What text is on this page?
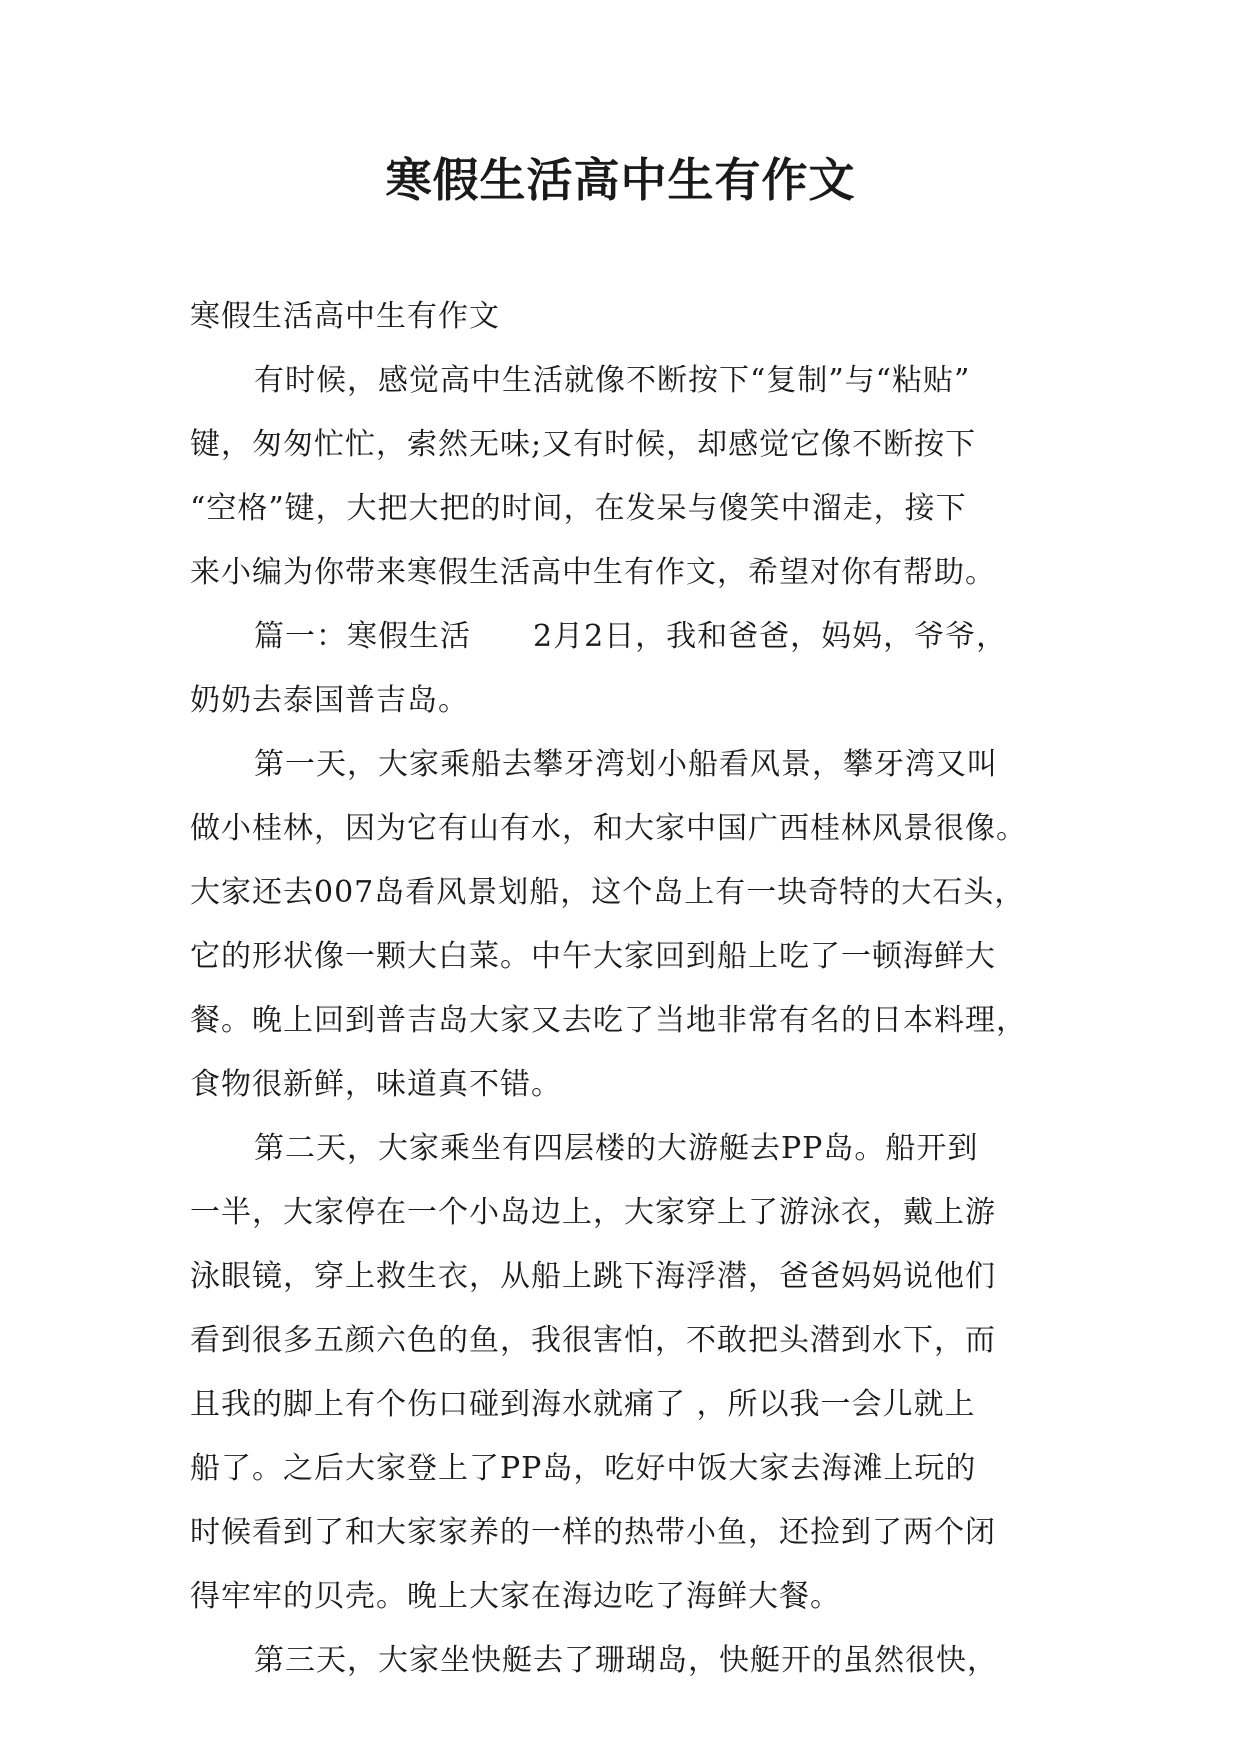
寒假生活高中生有作文

寒假生活高中生有作文

有时候，感觉高中生活就像不断按下“复制”与“粘贴”

键，匆匆忙忙，索然无味;又有时候，却感觉它像不断按下

“空格”键，大把大把的时间，在发呆与傻笑中溜走，接下

来小编为你带来寒假生活高中生有作文，希望对你有帮助。

篇一：寒假生活　　2月2日，我和爸爸，妈妈，爷爷，

奶奶去泰国普吉岛。

第一天，大家乘船去攀牙湾划小船看风景，攀牙湾又叫

做小桂林，因为它有山有水，和大家中国广西桂林风景很像。

大家还去007岛看风景划船，这个岛上有一块奇特的大石头，

它的形状像一颗大白菜。中午大家回到船上吃了一顿海鲜大

餐。晚上回到普吉岛大家又去吃了当地非常有名的日本料理，

食物很新鲜，味道真不错。

第二天，大家乘坐有四层楼的大游艇去PP岛。船开到

一半，大家停在一个小岛边上，大家穿上了游泳衣，戴上游

泳眼镜，穿上救生衣，从船上跳下海浮潜，爸爸妈妈说他们

看到很多五颜六色的鱼，我很害怕，不敢把头潜到水下，而

且我的脚上有个伤口碰到海水就痛了 ，所以我一会儿就上

船了。之后大家登上了PP岛，吃好中饭大家去海滩上玩的

时候看到了和大家家养的一样的热带小鱼，还捡到了两个闭

得牢牢的贝壳。晚上大家在海边吃了海鲜大餐。

第三天，大家坐快艇去了珊瑚岛，快艇开的虽然很快，
